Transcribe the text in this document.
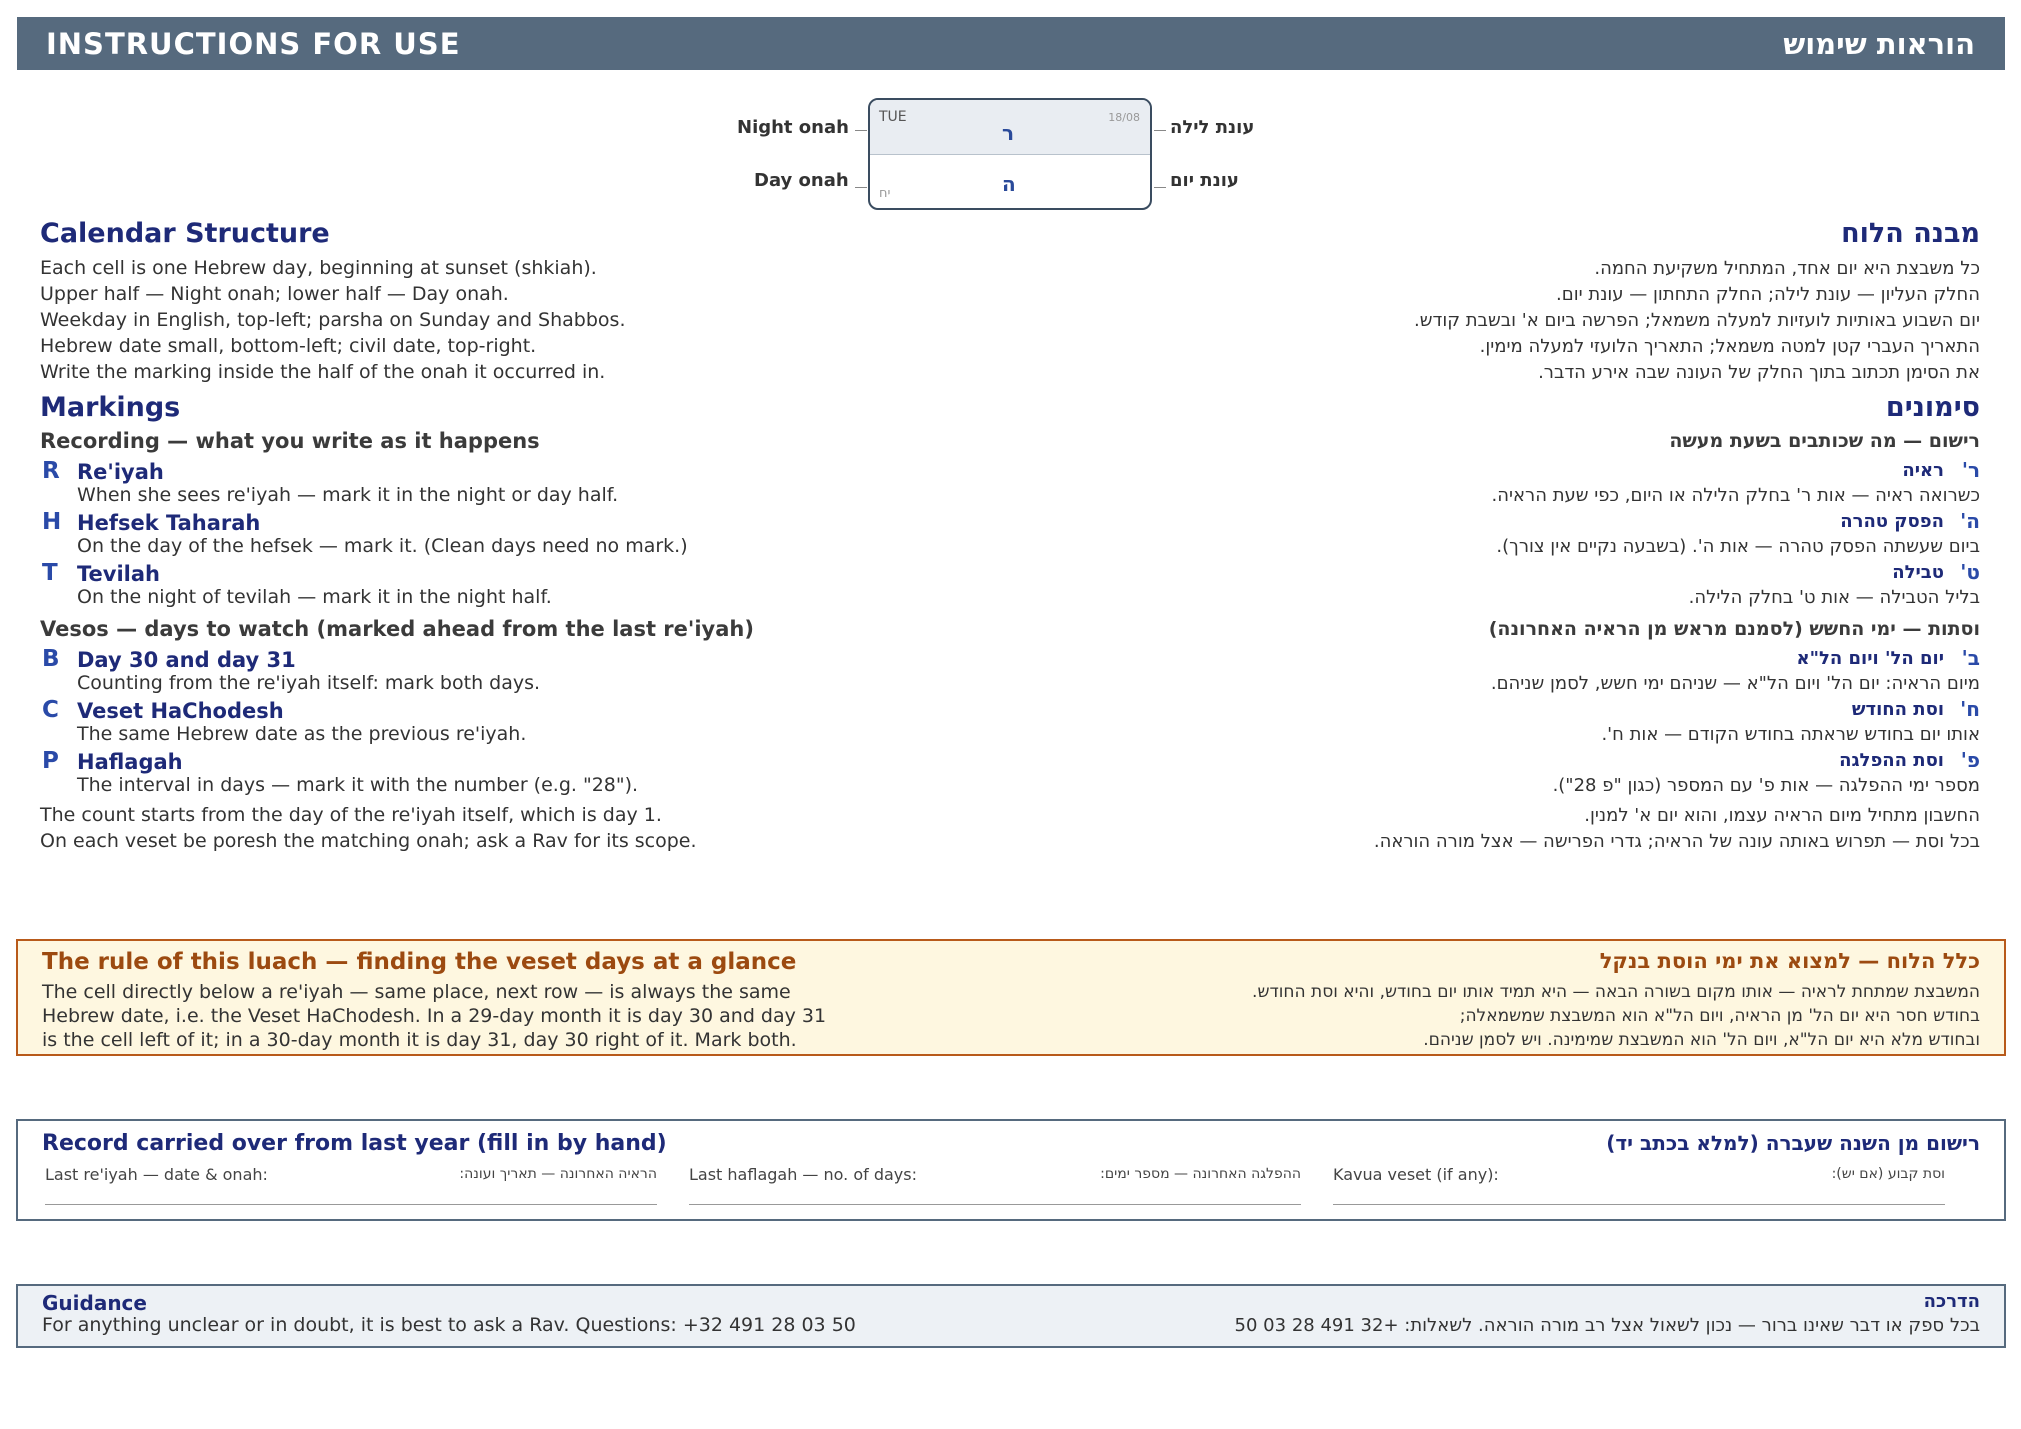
INSTRUCTIONS FOR USE	הוראות שימוש
Night onah
Day onah
TUE	18/08
ר
ה
יח
עונת לילה
עונת יום
Calendar Structure	מבנה הלוח
Each cell is one Hebrew day, beginning at sunset (shkiah).
Upper half — Night onah; lower half — Day onah.
Weekday in English, top-left; parsha on Sunday and Shabbos.
Hebrew date small, bottom-left; civil date, top-right.
Write the marking inside the half of the onah it occurred in.
כל משבצת היא יום אחד, המתחיל משקיעת החמה.
החלק העליון — עונת לילה; החלק התחתון — עונת יום.
יום השבוע באותיות לועזיות למעלה משמאל; הפרשה ביום א' ובשבת קודש.
התאריך העברי קטן למטה משמאל; התאריך הלועזי למעלה מימין.
את הסימן תכתוב בתוך החלק של העונה שבה אירע הדבר.
Markings	סימונים
Recording — what you write as it happens	רישום — מה שכותבים בשעת מעשה
R Re'iyah
When she sees re'iyah — mark it in the night or day half.
ר'
ראיה
כשרואה ראיה — אות ר' בחלק הלילה או היום, כפי שעת הראיה.
H Hefsek Taharah
On the day of the hefsek — mark it. (Clean days need no mark.)
ה'
הפסק טהרה
ביום שעשתה הפסק טהרה — אות ה'. (בשבעה נקיים אין צורך).
T Tevilah
On the night of tevilah — mark it in the night half.
ט'
טבילה
בליל הטבילה — אות ט' בחלק הלילה.
Vesos — days to watch (marked ahead from the last re'iyah)	וסתות — ימי החשש (לסמנם מראש מן הראיה האחרונה)
B Day 30 and day 31
Counting from the re'iyah itself: mark both days.
ב'
יום הל' ויום הל"א
מיום הראיה: יום הל' ויום הל"א — שניהם ימי חשש, לסמן שניהם.
C Veset HaChodesh
The same Hebrew date as the previous re'iyah.
ח'
וסת החודש
אותו יום בחודש שראתה בחודש הקודם — אות ח'.
P Haflagah
The interval in days — mark it with the number (e.g. "28").
פ'
וסת ההפלגה
מספר ימי ההפלגה — אות פ' עם המספר (כגון "פ 28").
The count starts from the day of the re'iyah itself, which is day 1.
On each veset be poresh the matching onah; ask a Rav for its scope.
החשבון מתחיל מיום הראיה עצמו, והוא יום א' למנין.
בכל וסת — תפרוש באותה עונה של הראיה; גדרי הפרישה — אצל מורה הוראה.
The rule of this luach — finding the veset days at a glance	כלל הלוח — למצוא את ימי הוסת בנקל
The cell directly below a re'iyah — same place, next row — is always the same
Hebrew date, i.e. the Veset HaChodesh. In a 29-day month it is day 30 and day 31
is the cell left of it; in a 30-day month it is day 31, day 30 right of it. Mark both.
המשבצת שמתחת לראיה — אותו מקום בשורה הבאה — היא תמיד אותו יום בחודש, והיא וסת החודש.
בחודש חסר היא יום הל' מן הראיה, ויום הל"א הוא המשבצת שמשמאלה;
ובחודש מלא היא יום הל"א, ויום הל' הוא המשבצת שמימינה. ויש לסמן שניהם.
Record carried over from last year (fill in by hand)	רישום מן השנה שעברה (למלא בכתב יד)
Last re'iyah — date & onah:	הראיה האחרונה — תאריך ועונה: Last haflagah — no. of days:	ההפלגה האחרונה — מספר ימים: Kavua veset (if any):	וסת קבוע (אם יש):
Guidance	הדרכה
For anything unclear or in doubt, it is best to ask a Rav. Questions: +32 491 28 03 50	בכל ספק או דבר שאינו ברור — נכון לשאול אצל רב מורה הוראה. לשאלות: +32 491 28 03 50
